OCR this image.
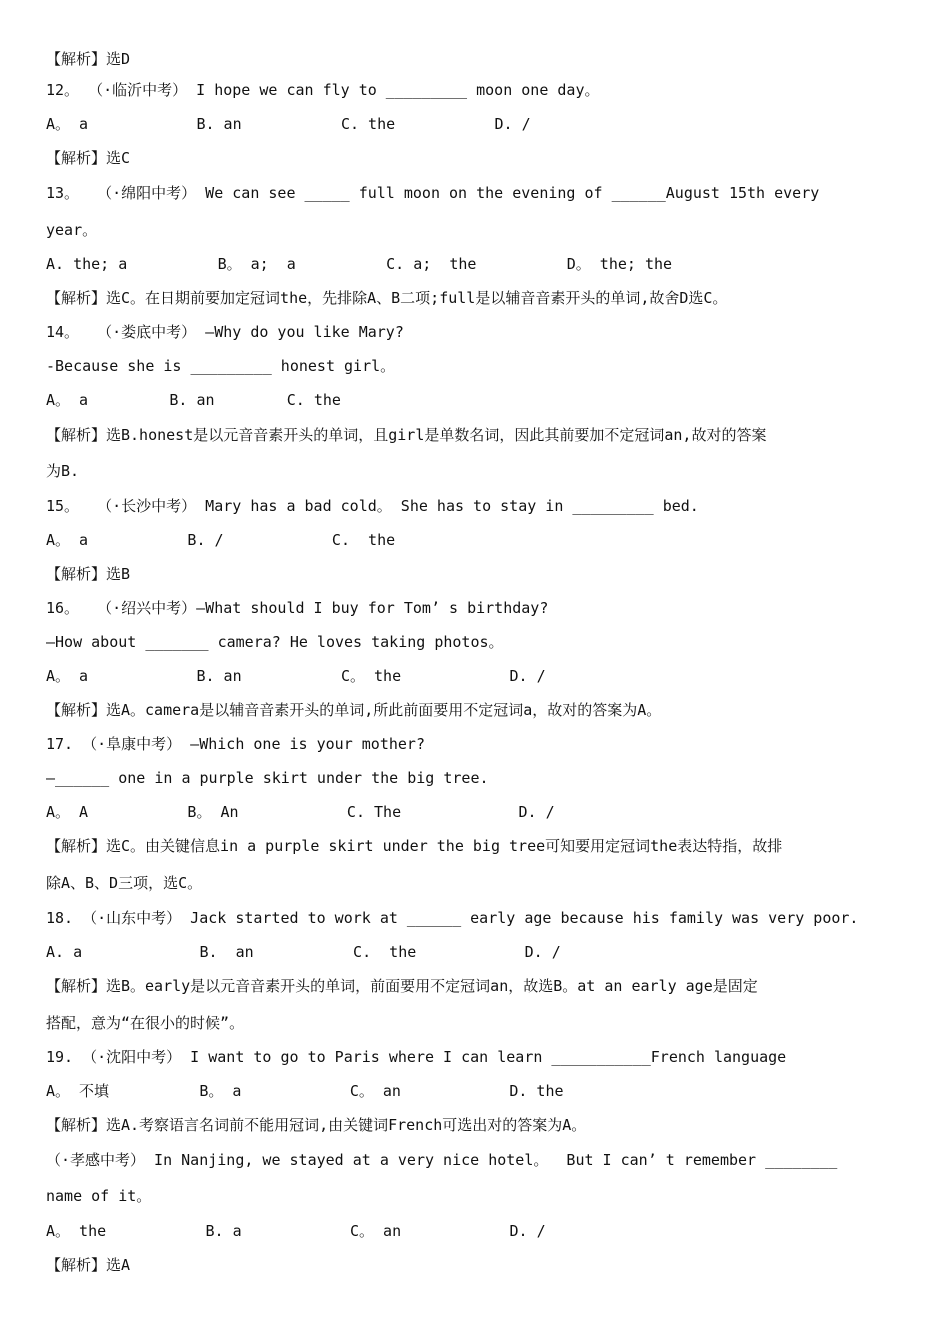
【解析】选D
12。 （·临沂中考） I hope we can fly to _________ moon one day。
A。 a            B. an           C. the           D. /
【解析】选C
13。  （·绵阳中考） We can see _____ full moon on the evening of ______August 15th every
year。
A. the; a          B。 a;  a          C. a;  the          D。 the; the
【解析】选C。在日期前要加定冠词the，先排除A、B二项;full是以辅音音素开头的单词,故舍D选C。
14。  （·娄底中考） —Why do you like Mary?
-Because she is _________ honest girl。
A。 a         B. an        C. the
【解析】选B.honest是以元音音素开头的单词，且girl是单数名词，因此其前要加不定冠词an,故对的答案
为B.
15。  （·长沙中考） Mary has a bad cold。 She has to stay in _________ bed.
A。 a           B. /            C.  the
【解析】选B
16。  （·绍兴中考）—What should I buy for Tom’ s birthday?
—How about _______ camera? He loves taking photos。
A。 a            B. an           C。 the            D. /
【解析】选A。camera是以辅音音素开头的单词,所此前面要用不定冠词a，故对的答案为A。
17. （·阜康中考） —Which one is your mother?
—______ one in a purple skirt under the big tree.
A。 A           B。 An            C. The             D. /
【解析】选C。由关键信息in a purple skirt under the big tree可知要用定冠词the表达特指，故排
除A、B、D三项，选C。
18. （·山东中考） Jack started to work at ______ early age because his family was very poor.
A. a             B.  an           C.  the            D. /
【解析】选B。early是以元音音素开头的单词，前面要用不定冠词an，故选B。at an early age是固定
搭配，意为“在很小的时候”。
19. （·沈阳中考） I want to go to Paris where I can learn ___________French language
A。 不填          B。 a            C。 an            D. the
【解析】选A.考察语言名词前不能用冠词,由关键词French可选出对的答案为A。
（·孝感中考） In Nanjing, we stayed at a very nice hotel。  But I can’ t remember ________
name of it。
A。 the           B. a            C。 an            D. /
【解析】选A
